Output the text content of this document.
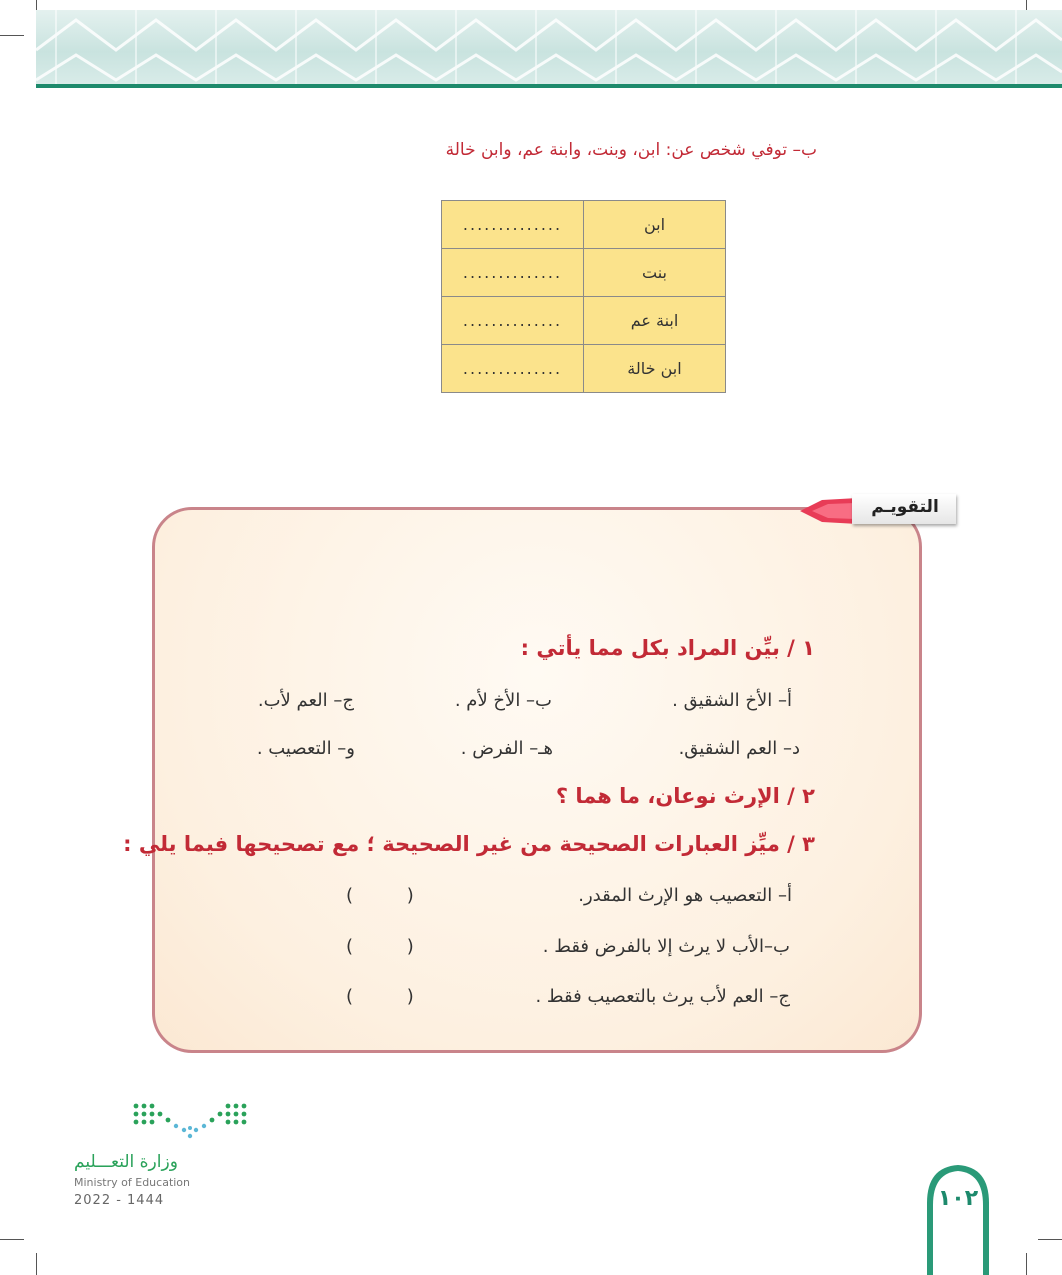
ب– توفي شخص عن: ابن، وبنت، وابنة عم، وابن خالة
ابن	..............
بنت	..............
ابنة عم	..............
ابن خالة	..............
التقويـم
١ / بيِّن المراد بكل مما يأتي :
أ– الأخ الشقيق .
ب– الأخ لأم .
ج– العم لأب.
د– العم الشقيق.
هـ– الفرض .
و– التعصيب .
٢ / الإرث نوعان، ما هما ؟
٣ / ميِّز العبارات الصحيحة من غير الصحيحة ؛ مع تصحيحها فيما يلي :
أ– التعصيب هو الإرث المقدر.
( )
ب–الأب لا يرث إلا بالفرض فقط .
( )
ج– العم لأب يرث بالتعصيب فقط .
( )
وزارة التعـــليم
Ministry of Education
2022 - 1444	١٠٢
